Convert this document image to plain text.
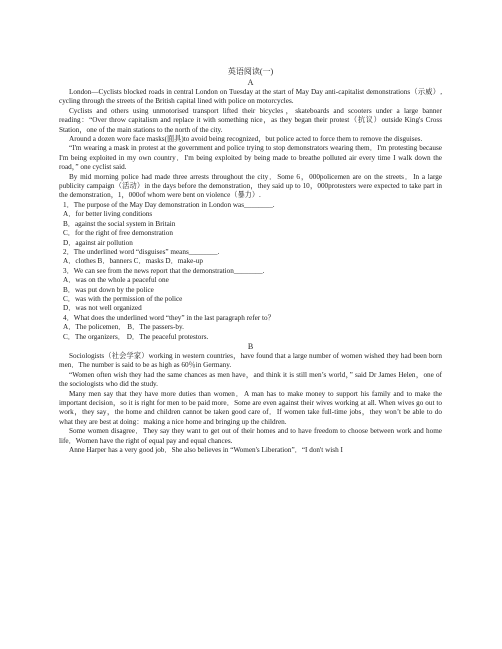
英语阅读(一)
A

London—Cyclists blocked roads in central London on Tuesday at the start of May Day anti-capitalist demonstrations（示威）, cycling through the streets of the British capital lined with police on motorcycles.

Cyclists and others using unmotorised transport lifted their bicycles，skateboards and scooters under a large banner reading：“Over throw capitalism and replace it with something nice，as they began their protest（抗议）outside King's Cross Station，one of the main stations to the north of the city.

Around a dozen wore face masks(面具)to avoid being recognized，but police acted to force them to remove the disguises.

“I'm wearing a mask in protest at the government and police trying to stop demonstrators wearing them．I'm protesting because I'm being exploited in my own country．I'm being exploited by being made to breathe polluted air every time I walk down the road，” one cyclist said.

By mid morning police had made three arrests throughout the city．Some 6，000policemen are on the streets．In a large publicity campaign（活动）in the days before the demonstration，they said up to 10，000protesters were expected to take part in the demonstration，1，000of whom were bent on violence（暴力）.

1．The purpose of the May Day demonstration in London was________.

A．for better living conditions

B．against the social system in Britain

C．for the right of free demonstration

D．against air pollution

2．The underlined word “disguises” means________.

A．clothes B．banners C．masks D．make-up

3．We can see from the news report that the demonstration________.

A．was on the whole a peaceful one

B．was put down by the police

C．was with the permission of the police

D．was not well organized

4．What does the underlined word “they” in the last paragraph refer to？

A．The policemen． B．The passers-by.

C．The organizers． D．The peaceful protestors.

B

Sociologists（社会学家）working in western countries，have found that a large number of women wished they had been born men．The number is said to be as high as 60％in Germany.

“Women often wish they had the same chances as men have，and think it is still men’s world，” said Dr James Helen，one of the sociologists who did the study.

Many men say that they have more duties than women．A man has to make money to support his family and to make the important decision，so it is right for men to be paid more．Some are even against their wives working at all. When wives go out to work，they say，the home and children cannot be taken good care of．If women take full-time jobs，they won’t be able to do what they are best at doing：making a nice home and bringing up the children.

Some women disagree．They say they want to get out of their homes and to have freedom to choose between work and home life．Women have the right of equal pay and equal chances.

Anne Harper has a very good job．She also believes in “Women's Liberation”．“I don't wish I
